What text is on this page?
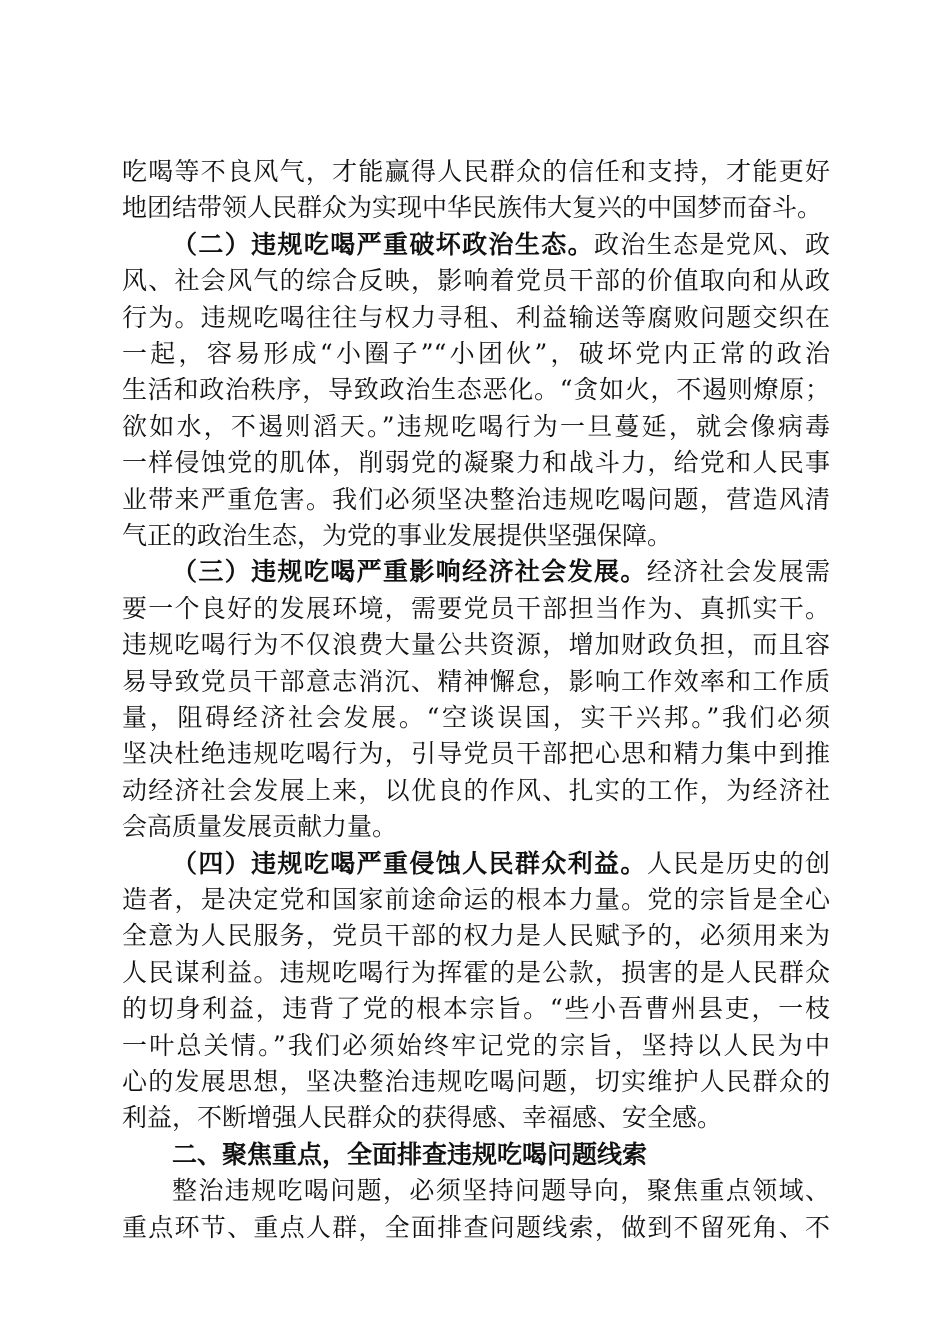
吃喝等不良风气，才能赢得人民群众的信任和支持，才能更好
地团结带领人民群众为实现中华民族伟大复兴的中国梦而奋斗。
（二）违规吃喝严重破坏政治生态。政治生态是党风、政
风、社会风气的综合反映，影响着党员干部的价值取向和从政
行为。违规吃喝往往与权力寻租、利益输送等腐败问题交织在
一起，容易形成“小圈子”“小团伙”，破坏党内正常的政治
生活和政治秩序，导致政治生态恶化。“贪如火，不遏则燎原；
欲如水，不遏则滔天。”违规吃喝行为一旦蔓延，就会像病毒
一样侵蚀党的肌体，削弱党的凝聚力和战斗力，给党和人民事
业带来严重危害。我们必须坚决整治违规吃喝问题，营造风清
气正的政治生态，为党的事业发展提供坚强保障。
（三）违规吃喝严重影响经济社会发展。经济社会发展需
要一个良好的发展环境，需要党员干部担当作为、真抓实干。
违规吃喝行为不仅浪费大量公共资源，增加财政负担，而且容
易导致党员干部意志消沉、精神懈怠，影响工作效率和工作质
量，阻碍经济社会发展。“空谈误国，实干兴邦。”我们必须
坚决杜绝违规吃喝行为，引导党员干部把心思和精力集中到推
动经济社会发展上来，以优良的作风、扎实的工作，为经济社
会高质量发展贡献力量。
（四）违规吃喝严重侵蚀人民群众利益。人民是历史的创
造者，是决定党和国家前途命运的根本力量。党的宗旨是全心
全意为人民服务，党员干部的权力是人民赋予的，必须用来为
人民谋利益。违规吃喝行为挥霍的是公款，损害的是人民群众
的切身利益，违背了党的根本宗旨。“些小吾曹州县吏，一枝
一叶总关情。”我们必须始终牢记党的宗旨，坚持以人民为中
心的发展思想，坚决整治违规吃喝问题，切实维护人民群众的
利益，不断增强人民群众的获得感、幸福感、安全感。
二、聚焦重点，全面排查违规吃喝问题线索
整治违规吃喝问题，必须坚持问题导向，聚焦重点领域、
重点环节、重点人群，全面排查问题线索，做到不留死角、不
